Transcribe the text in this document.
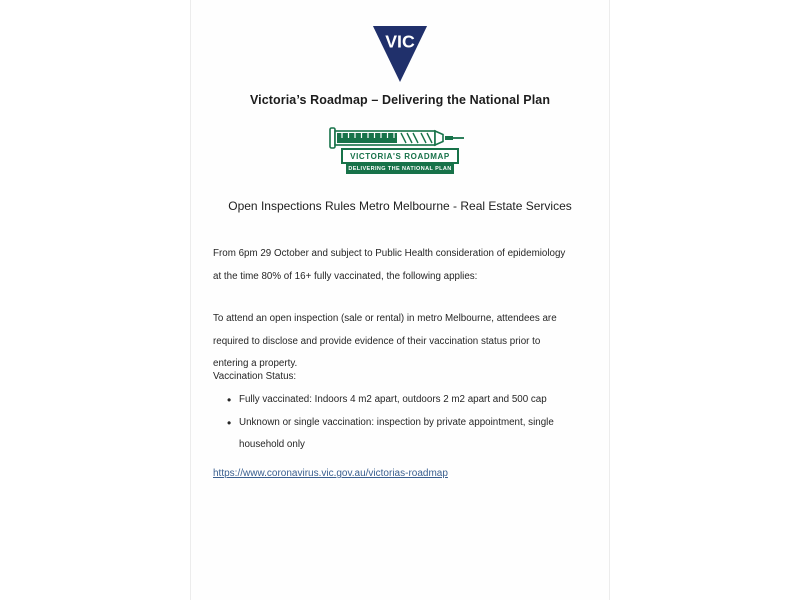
VIC
Victoria’s Roadmap – Delivering the National Plan
VICTORIA'S ROADMAP
DELIVERING THE NATIONAL PLAN
Open Inspections Rules Metro Melbourne - Real Estate Services

From 6pm 29 October and subject to Public Health consideration of epidemiology at the time 80% of 16+ fully vaccinated, the following applies:

To attend an open inspection (sale or rental) in metro Melbourne, attendees are required to disclose and provide evidence of their vaccination status prior to entering a property.

Vaccination Status:

• Fully vaccinated: Indoors 4 m2 apart, outdoors 2 m2 apart and 500 cap
• Unknown or single vaccination: inspection by private appointment, single household only
https://www.coronavirus.vic.gov.au/victorias-roadmap
